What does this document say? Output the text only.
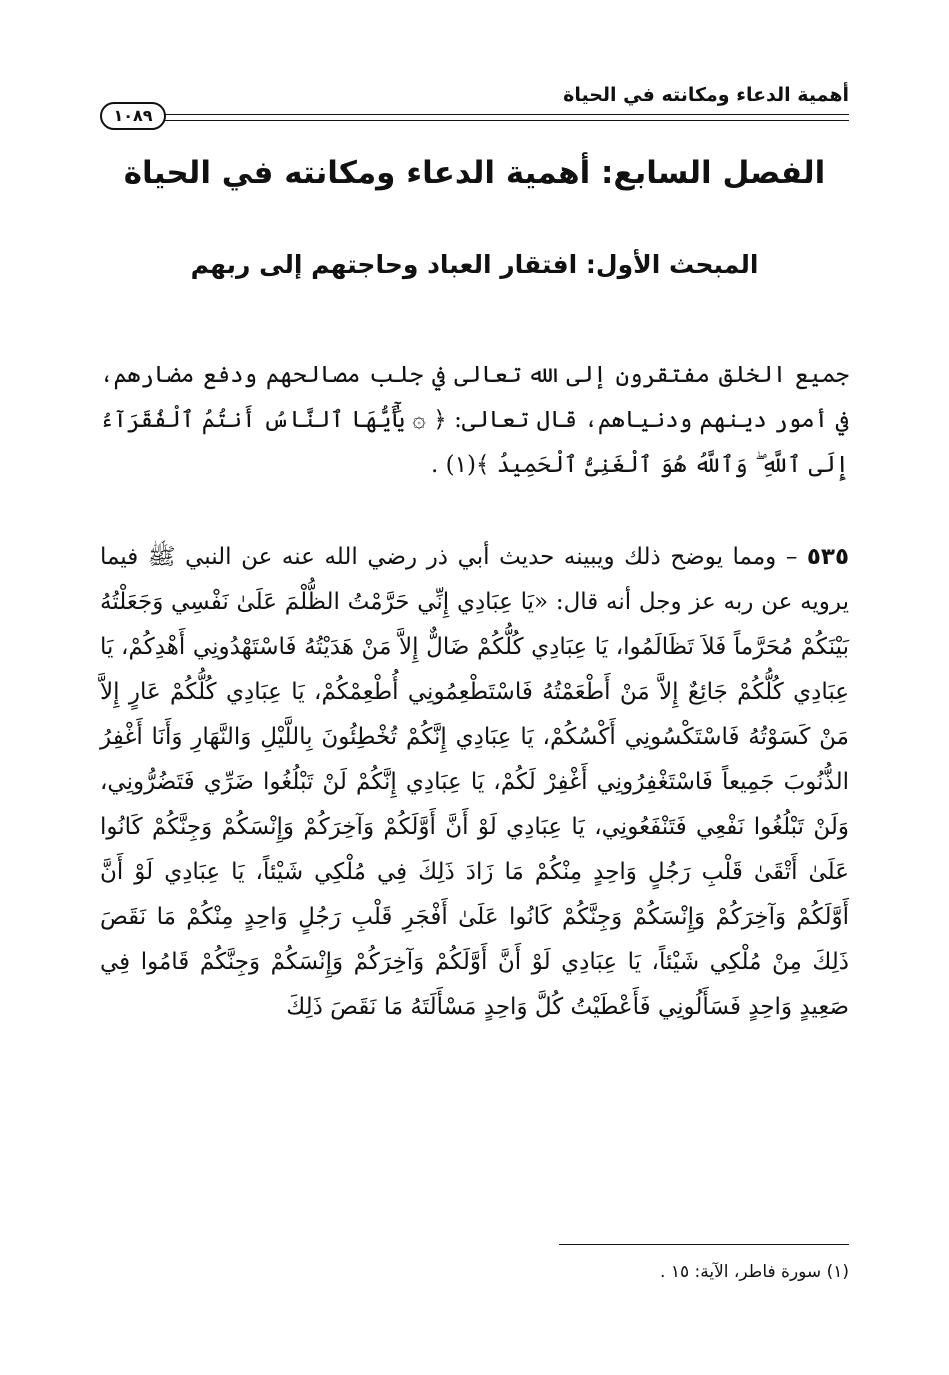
أهمية الدعاء ومكانته في الحياة
١٠٨٩
الفصل السابع: أهمية الدعاء ومكانته في الحياة
المبحث الأول: افتقار العباد وحاجتهم إلى ربهم

جميع الخلق مفتقرون إلى الله تعالى في جلب مصالحهم ودفع مضارهم، في أمور دينهم ودنياهم، قال تعالى: ﴿ ۞ يَٰٓأَيُّهَا ٱلنَّاسُ أَنتُمُ ٱلْفُقَرَآءُ إِلَى ٱللَّهِ ۖ وَٱللَّهُ هُوَ ٱلْغَنِىُّ ٱلْحَمِيدُ ﴾(١) .

٥٣٥ – ومما يوضح ذلك ويبينه حديث أبي ذر رضي الله عنه عن النبي ﷺ فيما يرويه عن ربه عز وجل أنه قال: «يَا عِبَادِي إِنِّي حَرَّمْتُ الظُّلْمَ عَلَىٰ نَفْسِي وَجَعَلْتُهُ بَيْنَكُمْ مُحَرَّماً فَلاَ تَظَالَمُوا، يَا عِبَادِي كُلُّكُمْ ضَالٌّ إِلاَّ مَنْ هَدَيْتُهُ فَاسْتَهْدُونِي أَهْدِكُمْ، يَا عِبَادِي كُلُّكُمْ جَائِعٌ إِلاَّ مَنْ أَطْعَمْتُهُ فَاسْتَطْعِمُونِي أُطْعِمْكُمْ، يَا عِبَادِي كُلُّكُمْ عَارٍ إِلاَّ مَنْ كَسَوْتُهُ فَاسْتَكْسُونِي أَكْسُكُمْ، يَا عِبَادِي إِنَّكُمْ تُخْطِئُونَ بِاللَّيْلِ وَالنَّهَارِ وَأَنَا أَغْفِرُ الذُّنُوبَ جَمِيعاً فَاسْتَغْفِرُونِي أَغْفِرْ لَكُمْ، يَا عِبَادِي إِنَّكُمْ لَنْ تَبْلُغُوا ضَرِّي فَتَضُرُّونِي، وَلَنْ تَبْلُغُوا نَفْعِي فَتَنْفَعُونِي، يَا عِبَادِي لَوْ أَنَّ أَوَّلَكُمْ وَآخِرَكُمْ وَإِنْسَكُمْ وَجِنَّكُمْ كَانُوا عَلَىٰ أَتْقَىٰ قَلْبِ رَجُلٍ وَاحِدٍ مِنْكُمْ مَا زَادَ ذَلِكَ فِي مُلْكِي شَيْئاً، يَا عِبَادِي لَوْ أَنَّ أَوَّلَكُمْ وَآخِرَكُمْ وَإِنْسَكُمْ وَجِنَّكُمْ كَانُوا عَلَىٰ أَفْجَرِ قَلْبِ رَجُلٍ وَاحِدٍ مِنْكُمْ مَا نَقَصَ ذَلِكَ مِنْ مُلْكِي شَيْئاً، يَا عِبَادِي لَوْ أَنَّ أَوَّلَكُمْ وَآخِرَكُمْ وَإِنْسَكُمْ وَجِنَّكُمْ قَامُوا فِي صَعِيدٍ وَاحِدٍ فَسَأَلُونِي فَأَعْطَيْتُ كُلَّ وَاحِدٍ مَسْأَلَتَهُ مَا نَقَصَ ذَلِكَ

(١) سورة فاطر، الآية: ١٥ .
